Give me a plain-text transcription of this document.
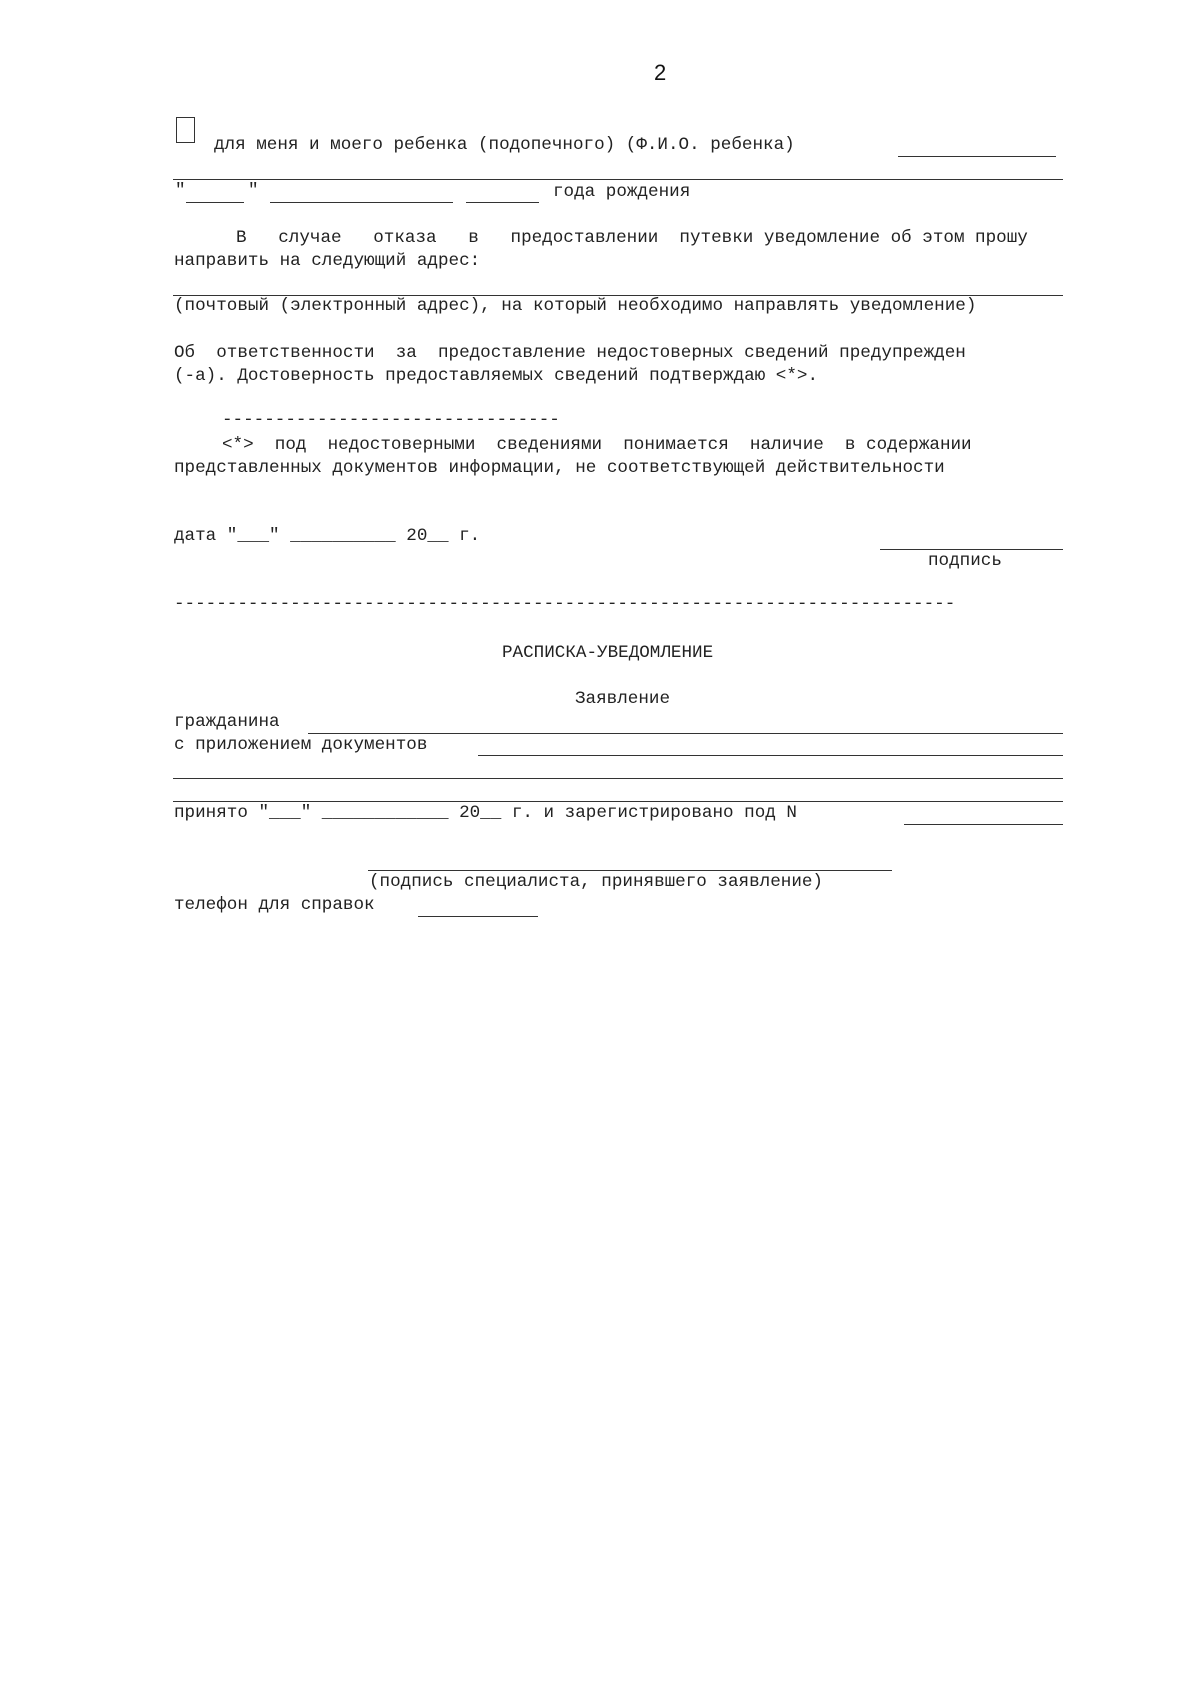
2
для меня и моего ребенка (подопечного) (Ф.И.О. ребенка)
"	"	года рождения
В   случае   отказа   в   предоставлении  путевки уведомление об этом прошу
направить на следующий адрес:
(почтовый (электронный адрес), на который необходимо направлять уведомление)
Об  ответственности  за  предоставление недостоверных сведений предупрежден
(-а). Достоверность предоставляемых сведений подтверждаю <*>.
--------------------------------
<*>  под  недостоверными  сведениями  понимается  наличие  в содержании
представленных документов информации, не соответствующей действительности
дата "___" __________ 20__ г.
подпись
--------------------------------------------------------------------------
РАСПИСКА-УВЕДОМЛЕНИЕ
Заявление
гражданина
с приложением документов
принято "___" ____________ 20__ г. и зарегистрировано под N
(подпись специалиста, принявшего заявление)
телефон для справок
